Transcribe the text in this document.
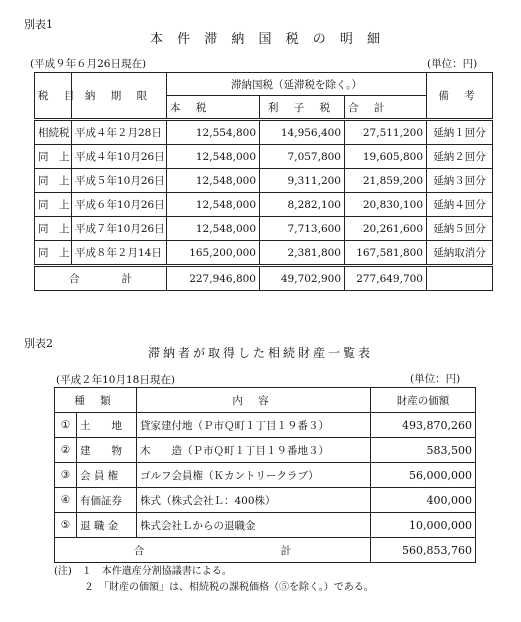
別表1
本 件 滞 納 国 税 の 明 細
(平成９年６月26日現在)	(単位：円)
税 目	納 期 限	滞納国税（延滞税を除く。）			備 考
		本 税	利 子 税	合 計	
相続税	平成４年２月28日	12,554,800	14,956,400	27,511,200	延納１回分
同　上	平成４年10月26日	12,548,000	7,057,800	19,605,800	延納２回分
同　上	平成５年10月26日	12,548,000	9,311,200	21,859,200	延納３回分
同　上	平成６年10月26日	12,548,000	8,282,100	20,830,100	延納４回分
同　上	平成７年10月26日	12,548,000	7,713,600	20,261,600	延納５回分
同　上	平成８年２月14日	165,200,000	2,381,800	167,581,800	延納取消分
合　　　　計		227,946,800	49,702,900	277,649,700	
別表2
滞納者が取得した相続財産一覧表
(平成２年10月18日現在)	(単位：円)
種 類		内 容	財産の価額
①	土　　地	貸家建付地（Ｐ市Ｑ町１丁目１９番３）	493,870,260
②	建　　物	木　　造（Ｐ市Ｑ町１丁目１９番地３）	583,500
③	会 員 権	ゴルフ会員権（Ｋカントリークラブ）	56,000,000
④	有価証券	株式（株式会社Ｌ：400株）	400,000
⑤	退 職 金	株式会社Ｌからの退職金	10,000,000
合　　　　　　　　　　　　　計			560,853,760
(注)　１　本件遺産分割協議書による。
　　　２　「財産の価額」は、相続税の課税価格（⑤を除く。）である。
